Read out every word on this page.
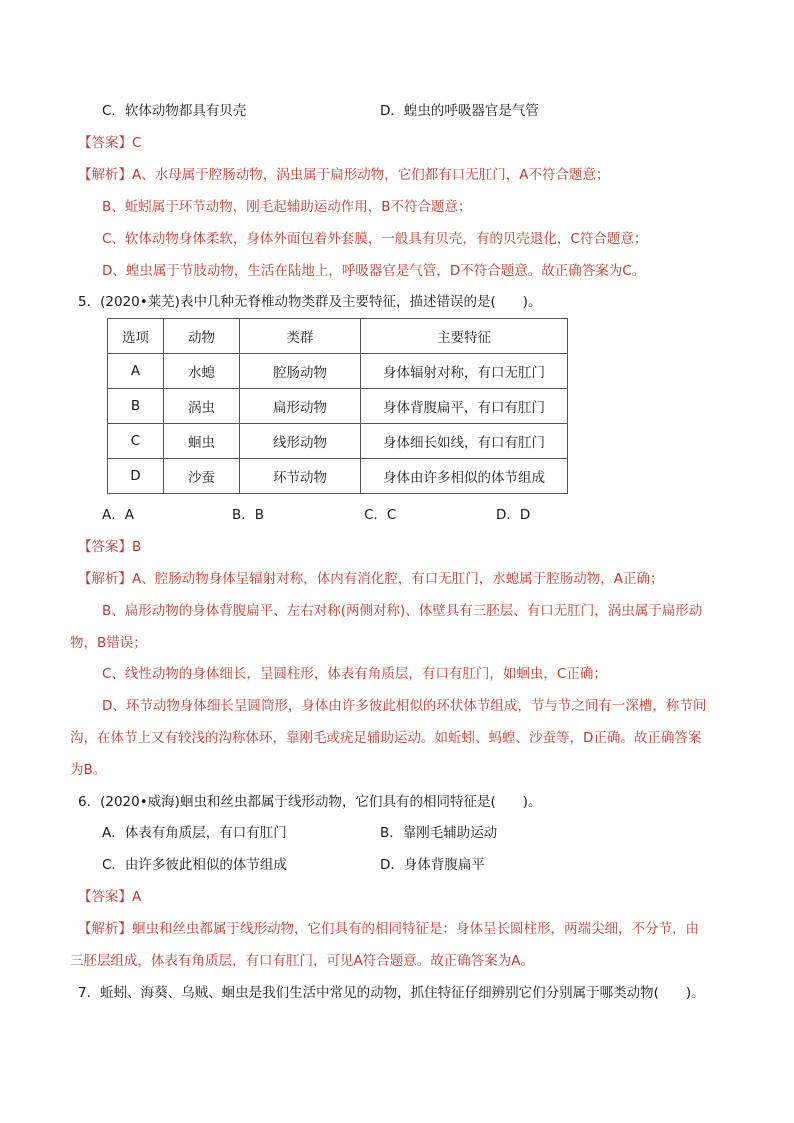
C．软体动物都具有贝壳	D．蝗虫的呼吸器官是气管
【答案】C
【解析】A、水母属于腔肠动物，涡虫属于扁形动物，它们都有口无肛门，A不符合题意；
B、蚯蚓属于环节动物，刚毛起辅助运动作用，B不符合题意；
C、软体动物身体柔软，身体外面包着外套膜，一般具有贝壳，有的贝壳退化，C符合题意；
D、蝗虫属于节肢动物，生活在陆地上，呼吸器官是气管，D不符合题意。故正确答案为C。
5．(2020•莱芜)表中几种无脊椎动物类群及主要特征，描述错误的是(　　)。
选项	动物	类群	主要特征
A	水螅	腔肠动物	身体辐射对称，有口无肛门
B	涡虫	扁形动物	身体背腹扁平，有口有肛门
C	蛔虫	线形动物	身体细长如线，有口有肛门
D	沙蚕	环节动物	身体由许多相似的体节组成
A．A	B．B	C．C	D．D
【答案】B
【解析】A、腔肠动物身体呈辐射对称，体内有消化腔，有口无肛门，水螅属于腔肠动物，A正确；
B、扁形动物的身体背腹扁平、左右对称(两侧对称)、体壁具有三胚层、有口无肛门，涡虫属于扁形动
物，B错误；
C、线性动物的身体细长，呈圆柱形，体表有角质层，有口有肛门，如蛔虫，C正确；
D、环节动物身体细长呈圆筒形，身体由许多彼此相似的环状体节组成，节与节之间有一深槽，称节间
沟，在体节上又有较浅的沟称体环，靠刚毛或疣足辅助运动。如蚯蚓、蚂蝗、沙蚕等，D正确。故正确答案
为B。
6．(2020•威海)蛔虫和丝虫都属于线形动物，它们具有的相同特征是(　　)。
A．体表有角质层，有口有肛门	B．靠刚毛辅助运动
C．由许多彼此相似的体节组成	D．身体背腹扁平
【答案】A
【解析】蛔虫和丝虫都属于线形动物，它们具有的相同特征是：身体呈长圆柱形，两端尖细，不分节，由
三胚层组成，体表有角质层，有口有肛门，可见A符合题意。故正确答案为A。
7．蚯蚓、海葵、乌贼、蛔虫是我们生活中常见的动物，抓住特征仔细辨别它们分别属于哪类动物(　　)。
